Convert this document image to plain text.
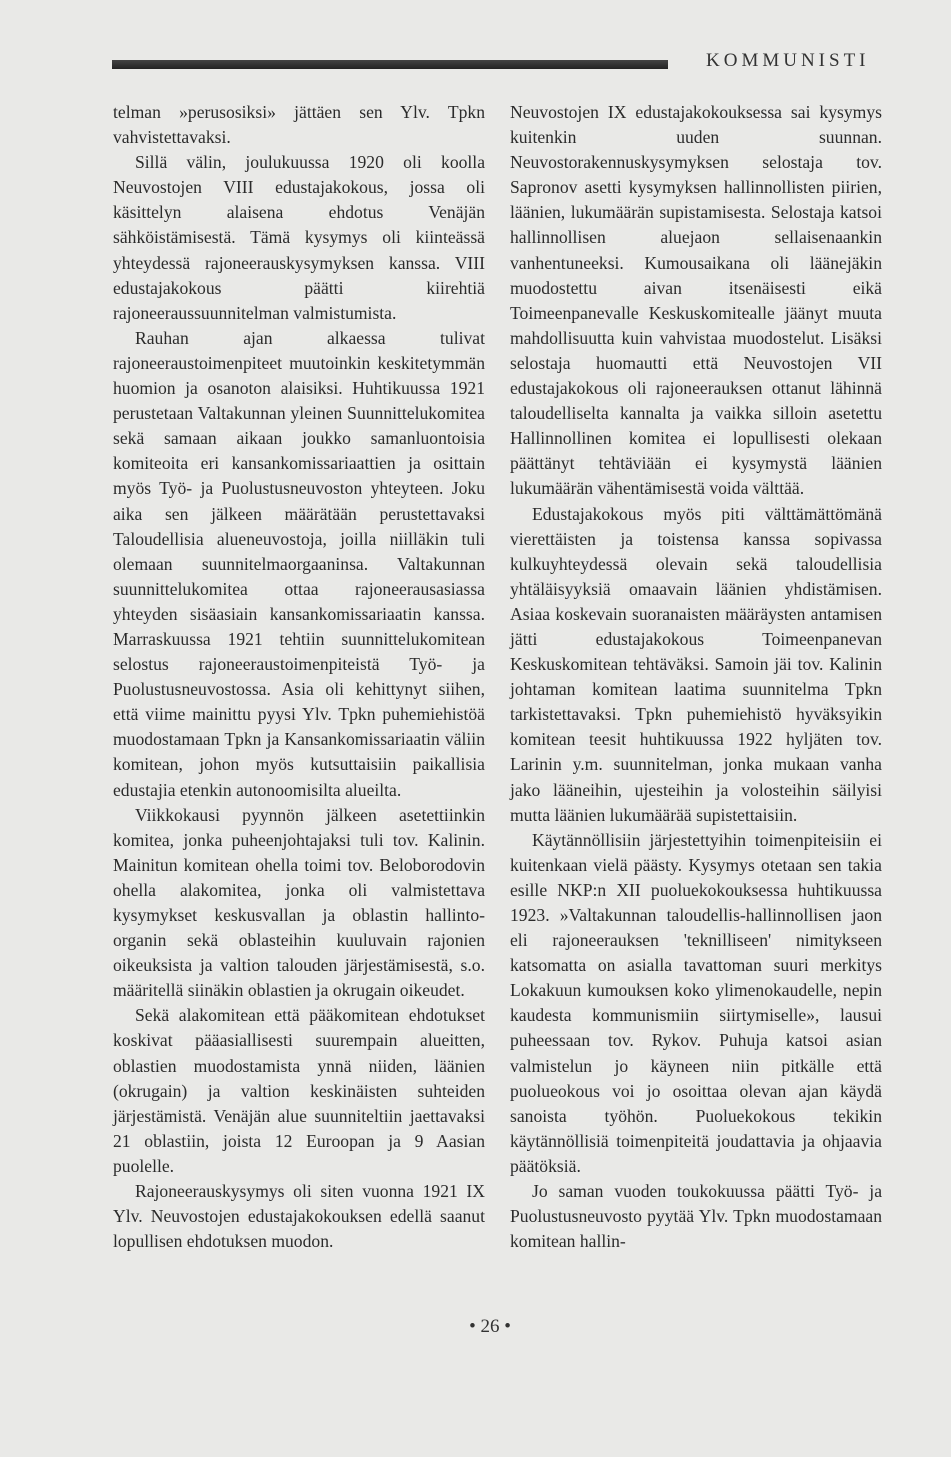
KOMMUNISTI

telman »perusosiksi» jättäen sen Ylv. Tpkn vahvistettavaksi.

Sillä välin, joulukuussa 1920 oli koolla Neuvostojen VIII edustajakokous, jossa oli käsittelyn alaisena ehdotus Venäjän sähköistämisestä. Tämä kysymys oli kiinteässä yhteydessä rajoneerauskysymyksen kanssa. VIII edustajakokous päätti kiirehtiä rajoneeraussuunnitelman valmistumista.

Rauhan ajan alkaessa tulivat rajoneeraustoimenpiteet muutoinkin keskitetymmän huomion ja osanoton alaisiksi. Huhtikuussa 1921 perustetaan Valtakunnan yleinen Suunnittelukomitea sekä samaan aikaan joukko samanluontoisia komiteoita eri kansankomissariaattien ja osittain myös Työ- ja Puolustusneuvoston yhteyteen. Joku aika sen jälkeen määrätään perustettavaksi Taloudellisia alueneuvostoja, joilla niilläkin tuli olemaan suunnitelmaorgaaninsa. Valtakunnan suunnittelukomitea ottaa rajoneerausasiassa yhteyden sisäasiain kansankomissariaatin kanssa. Marraskuussa 1921 tehtiin suunnittelukomitean selostus rajoneeraustoimenpiteistä Työ- ja Puolustusneuvostossa. Asia oli kehittynyt siihen, että viime mainittu pyysi Ylv. Tpkn puhemiehistöä muodostamaan Tpkn ja Kansankomissariaatin väliin komitean, johon myös kutsuttaisiin paikallisia edustajia etenkin autonoomisilta alueilta.

Viikkokausi pyynnön jälkeen asetettiinkin komitea, jonka puheenjohtajaksi tuli tov. Kalinin. Mainitun komitean ohella toimi tov. Beloborodovin ohella alakomitea, jonka oli valmistettava kysymykset keskusvallan ja oblastin hallinto-organin sekä oblasteihin kuuluvain rajonien oikeuksista ja valtion talouden järjestämisestä, s.o. määritellä siinäkin oblastien ja okrugain oikeudet.

Sekä alakomitean että pääkomitean ehdotukset koskivat pääasiallisesti suurempain alueitten, oblastien muodostamista ynnä niiden, läänien (okrugain) ja valtion keskinäisten suhteiden järjestämistä. Venäjän alue suunniteltiin jaettavaksi 21 oblastiin, joista 12 Euroopan ja 9 Aasian puolelle.

Rajoneerauskysymys oli siten vuonna 1921 IX Ylv. Neuvostojen edustajakokouksen edellä saanut lopullisen ehdotuksen muodon.

Neuvostojen IX edustajakokouksessa sai kysymys kuitenkin uuden suunnan. Neuvostorakennuskysymyksen selostaja tov. Sapronov asetti kysymyksen hallinnollisten piirien, läänien, lukumäärän supistamisesta. Selostaja katsoi hallinnollisen aluejaon sellaisenaankin vanhentuneeksi. Kumousaikana oli läänejäkin muodostettu aivan itsenäisesti eikä Toimeenpanevalle Keskuskomitealle jäänyt muuta mahdollisuutta kuin vahvistaa muodostelut. Lisäksi selostaja huomautti että Neuvostojen VII edustajakokous oli rajoneerauksen ottanut lähinnä taloudelliselta kannalta ja vaikka silloin asetettu Hallinnollinen komitea ei lopullisesti olekaan päättänyt tehtäviään ei kysymystä läänien lukumäärän vähentämisestä voida välttää.

Edustajakokous myös piti välttämättömänä vierettäisten ja toistensa kanssa sopivassa kulkuyhteydessä olevain sekä taloudellisia yhtäläisyyksiä omaavain läänien yhdistämisen. Asiaa koskevain suoranaisten määräysten antamisen jätti edustajakokous Toimeenpanevan Keskuskomitean tehtäväksi. Samoin jäi tov. Kalinin johtaman komitean laatima suunnitelma Tpkn tarkistettavaksi. Tpkn puhemiehistö hyväksyikin komitean teesit huhtikuussa 1922 hyljäten tov. Larinin y.m. suunnitelman, jonka mukaan vanha jako lääneihin, ujesteihin ja volosteihin säilyisi mutta läänien lukumäärää supistettaisiin.

Käytännöllisiin järjestettyihin toimenpiteisiin ei kuitenkaan vielä päästy. Kysymys otetaan sen takia esille NKP:n XII puoluekokouksessa huhtikuussa 1923. »Valtakunnan taloudellis-hallinnollisen jaon eli rajoneerauksen 'teknilliseen' nimitykseen katsomatta on asialla tavattoman suuri merkitys Lokakuun kumouksen koko ylimenokaudelle, nepin kaudesta kommunismiin siirtymiselle», lausui puheessaan tov. Rykov. Puhuja katsoi asian valmistelun jo käyneen niin pitkälle että puolueokous voi jo osoittaa olevan ajan käydä sanoista työhön. Puoluekokous tekikin käytännöllisiä toimenpiteitä joudattavia ja ohjaavia päätöksiä.

Jo saman vuoden toukokuussa päätti Työ- ja Puolustusneuvosto pyytää Ylv. Tpkn muodostamaan komitean hallin-

• 26 •
